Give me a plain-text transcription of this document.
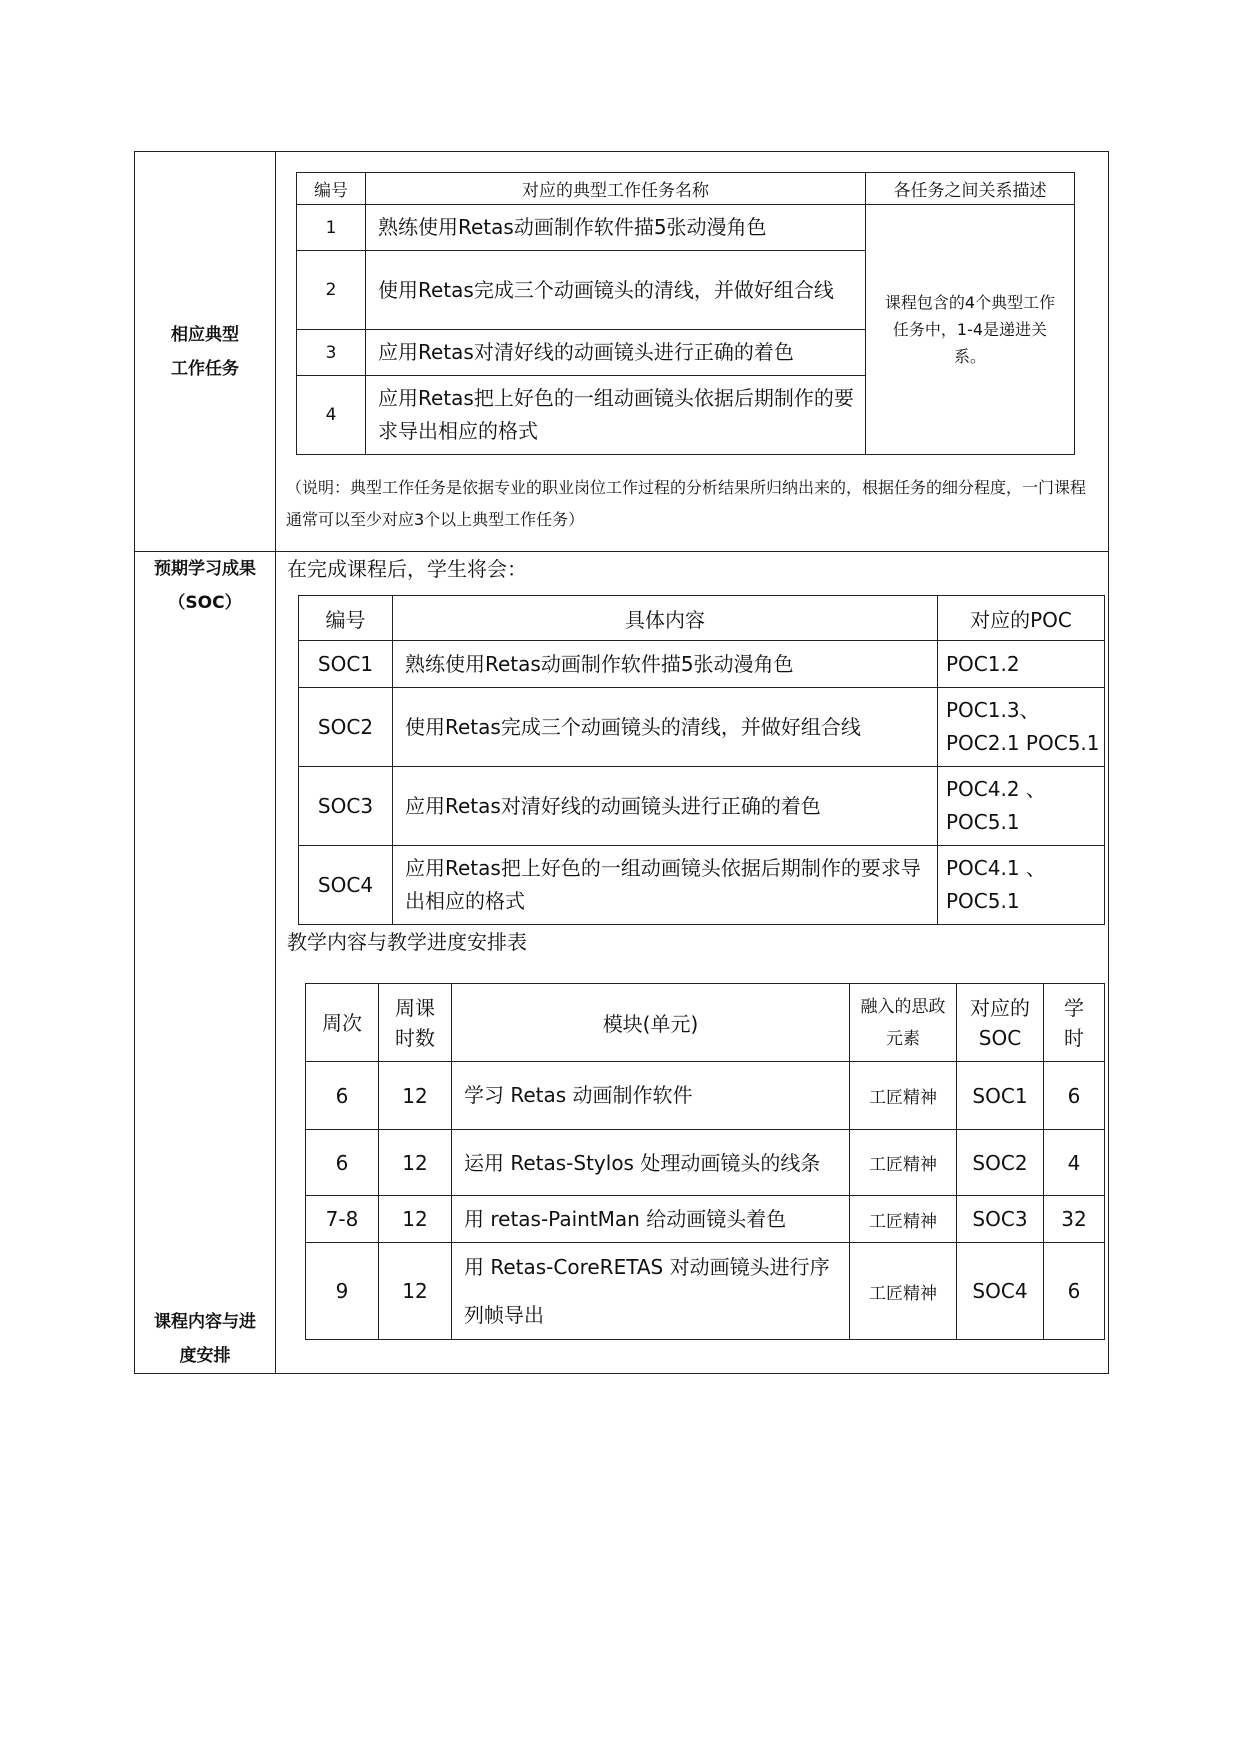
相应典型
工作任务

编号	对应的典型工作任务名称	各任务之间关系描述
1	熟练使用Retas动画制作软件描5张动漫角色	课程包含的4个典型工作任务中，1-4是递进关系。
2	使用Retas完成三个动画镜头的清线，并做好组合线
3	应用Retas对清好线的动画镜头进行正确的着色
4	应用Retas把上好色的一组动画镜头依据后期制作的要求导出相应的格式
（说明：典型工作任务是依据专业的职业岗位工作过程的分析结果所归纳出来的，根据任务的细分程度，一门课程通常可以至少对应3个以上典型工作任务）

预期学习成果
（SOC）
课程内容与进
度安排

在完成课程后，学生将会：
编号	具体内容	对应的POC
SOC1	熟练使用Retas动画制作软件描5张动漫角色	POC1.2
SOC2	使用Retas完成三个动画镜头的清线，并做好组合线	POC1.3、POC2.1 POC5.1
SOC3	应用Retas对清好线的动画镜头进行正确的着色	POC4.2 、POC5.1
SOC4	应用Retas把上好色的一组动画镜头依据后期制作的要求导出相应的格式	POC4.1 、POC5.1
教学内容与教学进度安排表
周次	周课时数	模块(单元)	融入的思政元素	对应的SOC	学时
6	12	学习 Retas 动画制作软件	工匠精神	SOC1	6
6	12	运用 Retas-Stylos 处理动画镜头的线条	工匠精神	SOC2	4
7-8	12	用 retas-PaintMan 给动画镜头着色	工匠精神	SOC3	32
9	12	用 Retas-CoreRETAS 对动画镜头进行序列帧导出	工匠精神	SOC4	6
